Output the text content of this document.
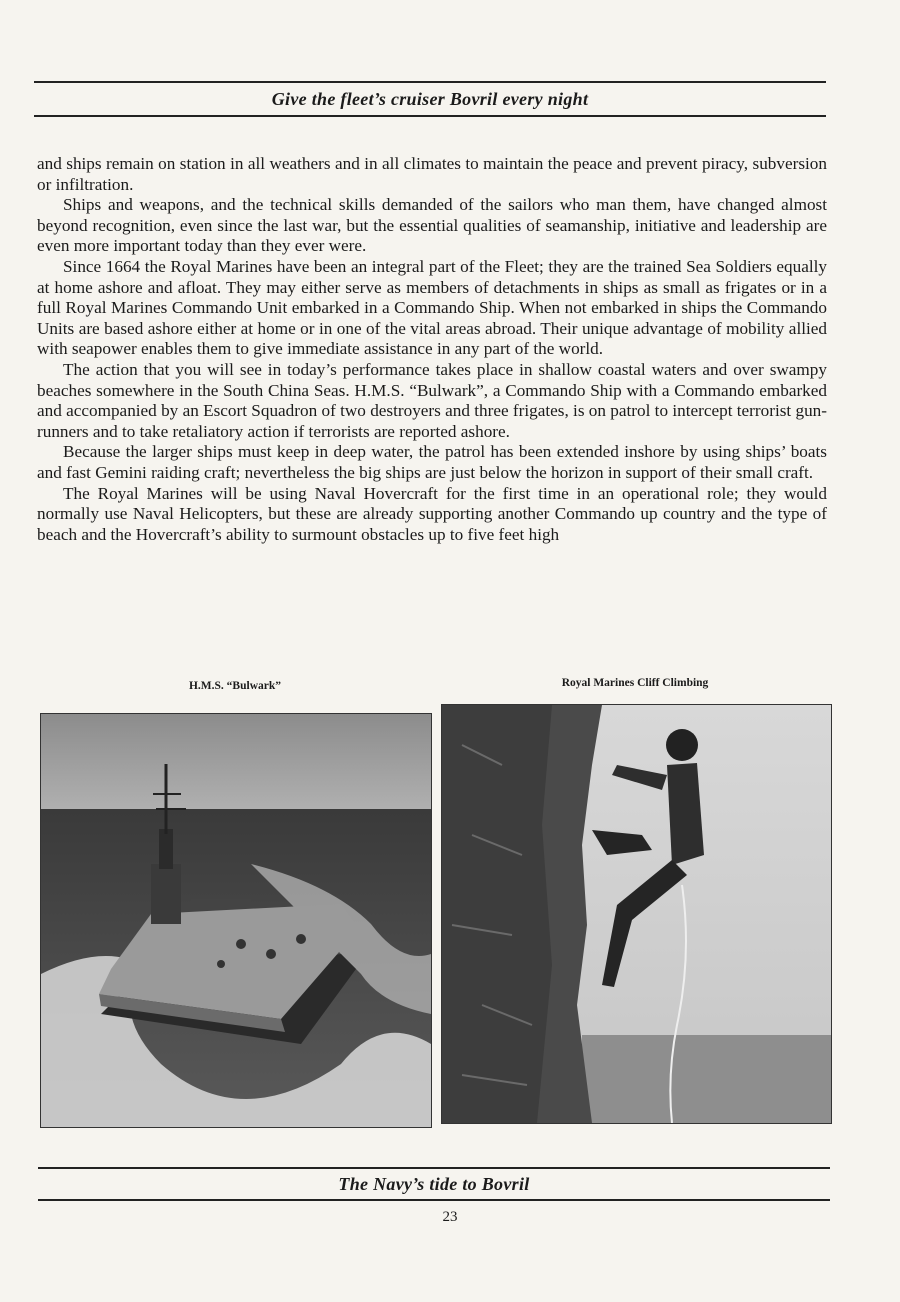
Give the fleet’s cruiser Bovril every night

and ships remain on station in all weathers and in all climates to maintain the peace and prevent piracy, subversion or infiltration.

Ships and weapons, and the technical skills demanded of the sailors who man them, have changed almost beyond recognition, even since the last war, but the essential qualities of seamanship, initiative and leadership are even more important today than they ever were.

Since 1664 the Royal Marines have been an integral part of the Fleet; they are the trained Sea Soldiers equally at home ashore and afloat. They may either serve as members of detachments in ships as small as frigates or in a full Royal Marines Commando Unit embarked in a Commando Ship. When not embarked in ships the Commando Units are based ashore either at home or in one of the vital areas abroad. Their unique advantage of mobility allied with seapower enables them to give immediate assistance in any part of the world.

The action that you will see in today’s performance takes place in shallow coastal waters and over swampy beaches somewhere in the South China Seas. H.M.S. “Bulwark”, a Commando Ship with a Commando embarked and accompanied by an Escort Squadron of two destroyers and three frigates, is on patrol to intercept terrorist gun-runners and to take retaliatory action if terrorists are reported ashore.

Because the larger ships must keep in deep water, the patrol has been extended inshore by using ships’ boats and fast Gemini raiding craft; nevertheless the big ships are just below the horizon in support of their small craft.

The Royal Marines will be using Naval Hovercraft for the first time in an operational role; they would normally use Naval Helicopters, but these are already supporting another Commando up country and the type of beach and the Hovercraft’s ability to surmount obstacles up to five feet high

H.M.S. “Bulwark”	Royal Marines Cliff Climbing
The Navy’s tide to Bovril
23
